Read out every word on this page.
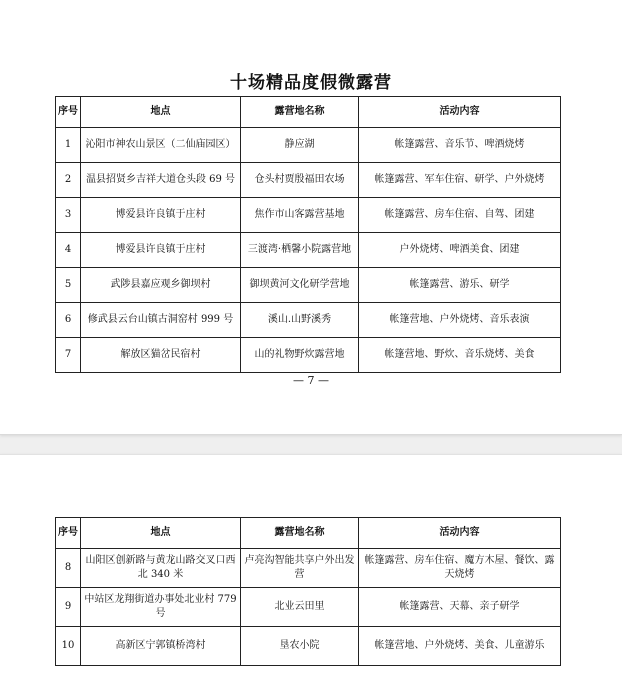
十场精品度假微露营
序号	地点	露营地名称	活动内容
1	沁阳市神农山景区（二仙庙园区）	静应湖	帐篷露营、音乐节、啤酒烧烤
2	温县招贤乡吉祥大道仓头段 69 号	仓头村贾殷福田农场	帐篷露营、军车住宿、研学、户外烧烤
3	博爱县许良镇于庄村	焦作市山客露营基地	帐篷露营、房车住宿、自驾、团建
4	博爱县许良镇于庄村	三渡湾·栖馨小院露营地	户外烧烤、啤酒美食、团建
5	武陟县嘉应观乡御坝村	御坝黄河文化研学营地	帐篷露营、游乐、研学
6	修武县云台山镇古洞窑村 999 号	溪山.山野溪秀	帐篷营地、户外烧烤、音乐表演
7	解放区猫岔民宿村	山的礼物野炊露营地	帐篷营地、野炊、音乐烧烤、美食
— 7 —
序号	地点	露营地名称	活动内容
8	山阳区创新路与黄龙山路交叉口西北 340 米	卢亮沟智能共享户外出发营	帐篷露营、房车住宿、魔方木屋、餐饮、露天烧烤
9	中站区龙翔街道办事处北业村 779 号	北业云田里	帐篷露营、天幕、亲子研学
10	高新区宁郭镇桥湾村	垦农小院	帐篷营地、户外烧烤、美食、儿童游乐
